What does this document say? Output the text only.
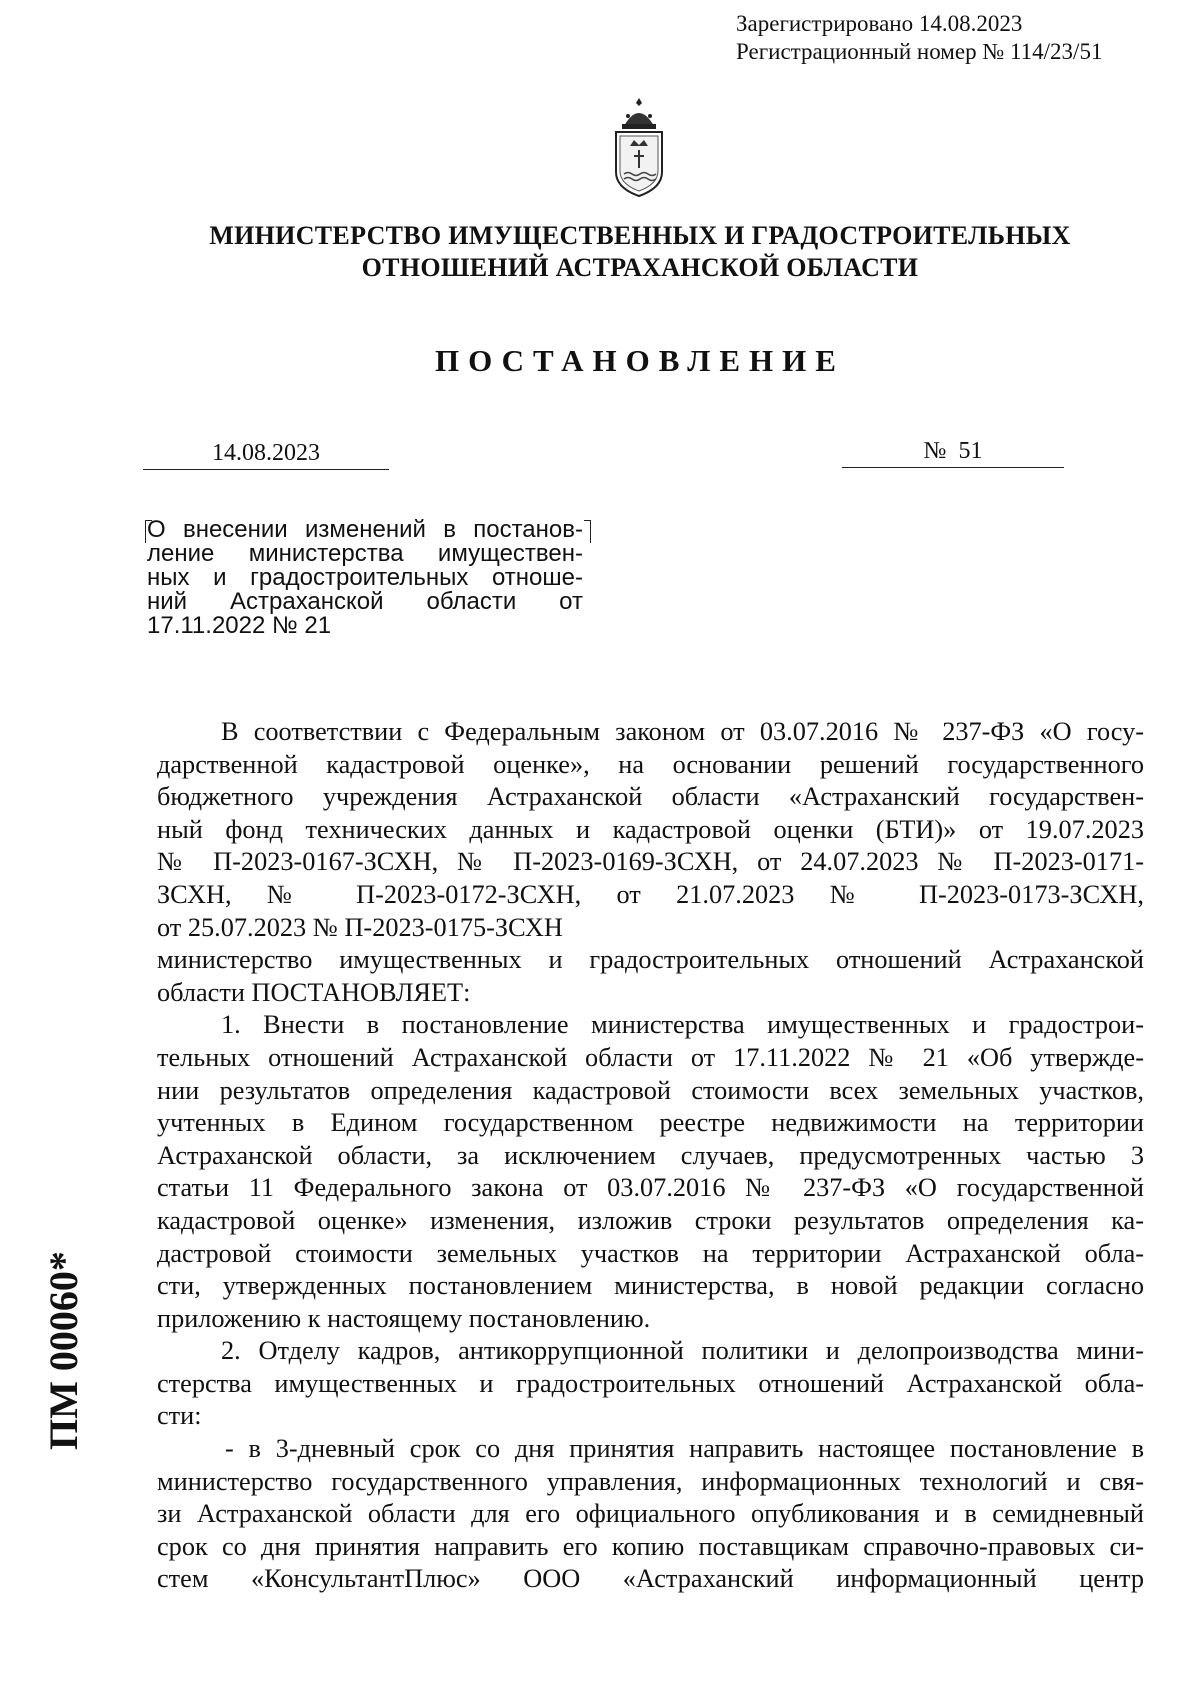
Зарегистрировано 14.08.2023
Регистрационный номер № 114/23/51
МИНИСТЕРСТВО ИМУЩЕСТВЕННЫХ И ГРАДОСТРОИТЕЛЬНЫХ
ОТНОШЕНИЙ АСТРАХАНСКОЙ ОБЛАСТИ
ПОСТАНОВЛЕНИЕ
14.08.2023	№ 51
О внесении изменений в постанов-
ление министерства имуществен-
ных и градостроительных отноше-
ний Астраханской области от
17.11.2022 № 21
В соответствии с Федеральным законом от 03.07.2016 № 237-ФЗ «О госу-
дарственной кадастровой оценке», на основании решений государственного
бюджетного учреждения Астраханской области «Астраханский государствен-
ный фонд технических данных и кадастровой оценки (БТИ)» от 19.07.2023
№ П-2023-0167-ЗСХН, № П-2023-0169-ЗСХН, от 24.07.2023 № П-2023-0171-
ЗСХН, № П-2023-0172-ЗСХН, от 21.07.2023 № П-2023-0173-ЗСХН,
от 25.07.2023 № П-2023-0175-ЗСХН
министерство имущественных и градостроительных отношений Астраханской
области ПОСТАНОВЛЯЕТ:
1. Внести в постановление министерства имущественных и градострои-
тельных отношений Астраханской области от 17.11.2022 № 21 «Об утвержде-
нии результатов определения кадастровой стоимости всех земельных участков,
учтенных в Едином государственном реестре недвижимости на территории
Астраханской области, за исключением случаев, предусмотренных частью 3
статьи 11 Федерального закона от 03.07.2016 № 237-ФЗ «О государственной
кадастровой оценке» изменения, изложив строки результатов определения ка-
дастровой стоимости земельных участков на территории Астраханской обла-
сти, утвержденных постановлением министерства, в новой редакции согласно
приложению к настоящему постановлению.
2. Отделу кадров, антикоррупционной политики и делопроизводства мини-
стерства имущественных и градостроительных отношений Астраханской обла-
сти:
- в 3-дневный срок со дня принятия направить настоящее постановление в
министерство государственного управления, информационных технологий и свя-
зи Астраханской области для его официального опубликования и в семидневный
срок со дня принятия направить его копию поставщикам справочно-правовых си-
стем «КонсультантПлюс» ООО «Астраханский информационный центр
ПМ 00060*
